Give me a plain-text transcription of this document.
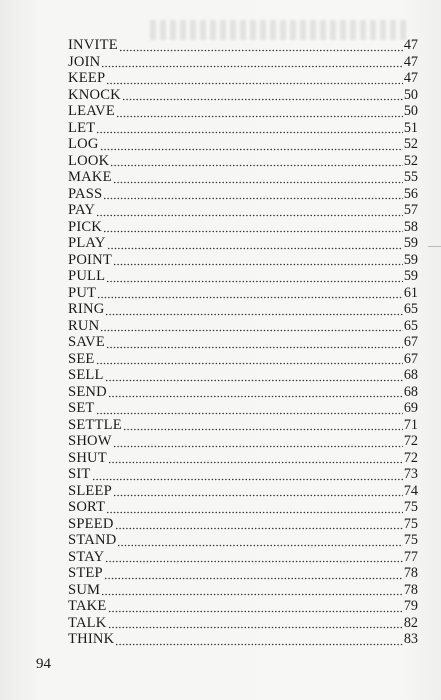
INVITE	47
JOIN	47
KEEP	47
KNOCK	50
LEAVE	50
LET	51
LOG	52
LOOK	52
MAKE	55
PASS	56
PAY	57
PICK	58
PLAY	59
POINT	59
PULL	59
PUT	61
RING	65
RUN	65
SAVE	67
SEE	67
SELL	68
SEND	68
SET	69
SETTLE	71
SHOW	72
SHUT	72
SIT	73
SLEEP	74
SORT	75
SPEED	75
STAND	75
STAY	77
STEP	78
SUM	78
TAKE	79
TALK	82
THINK	83
94
